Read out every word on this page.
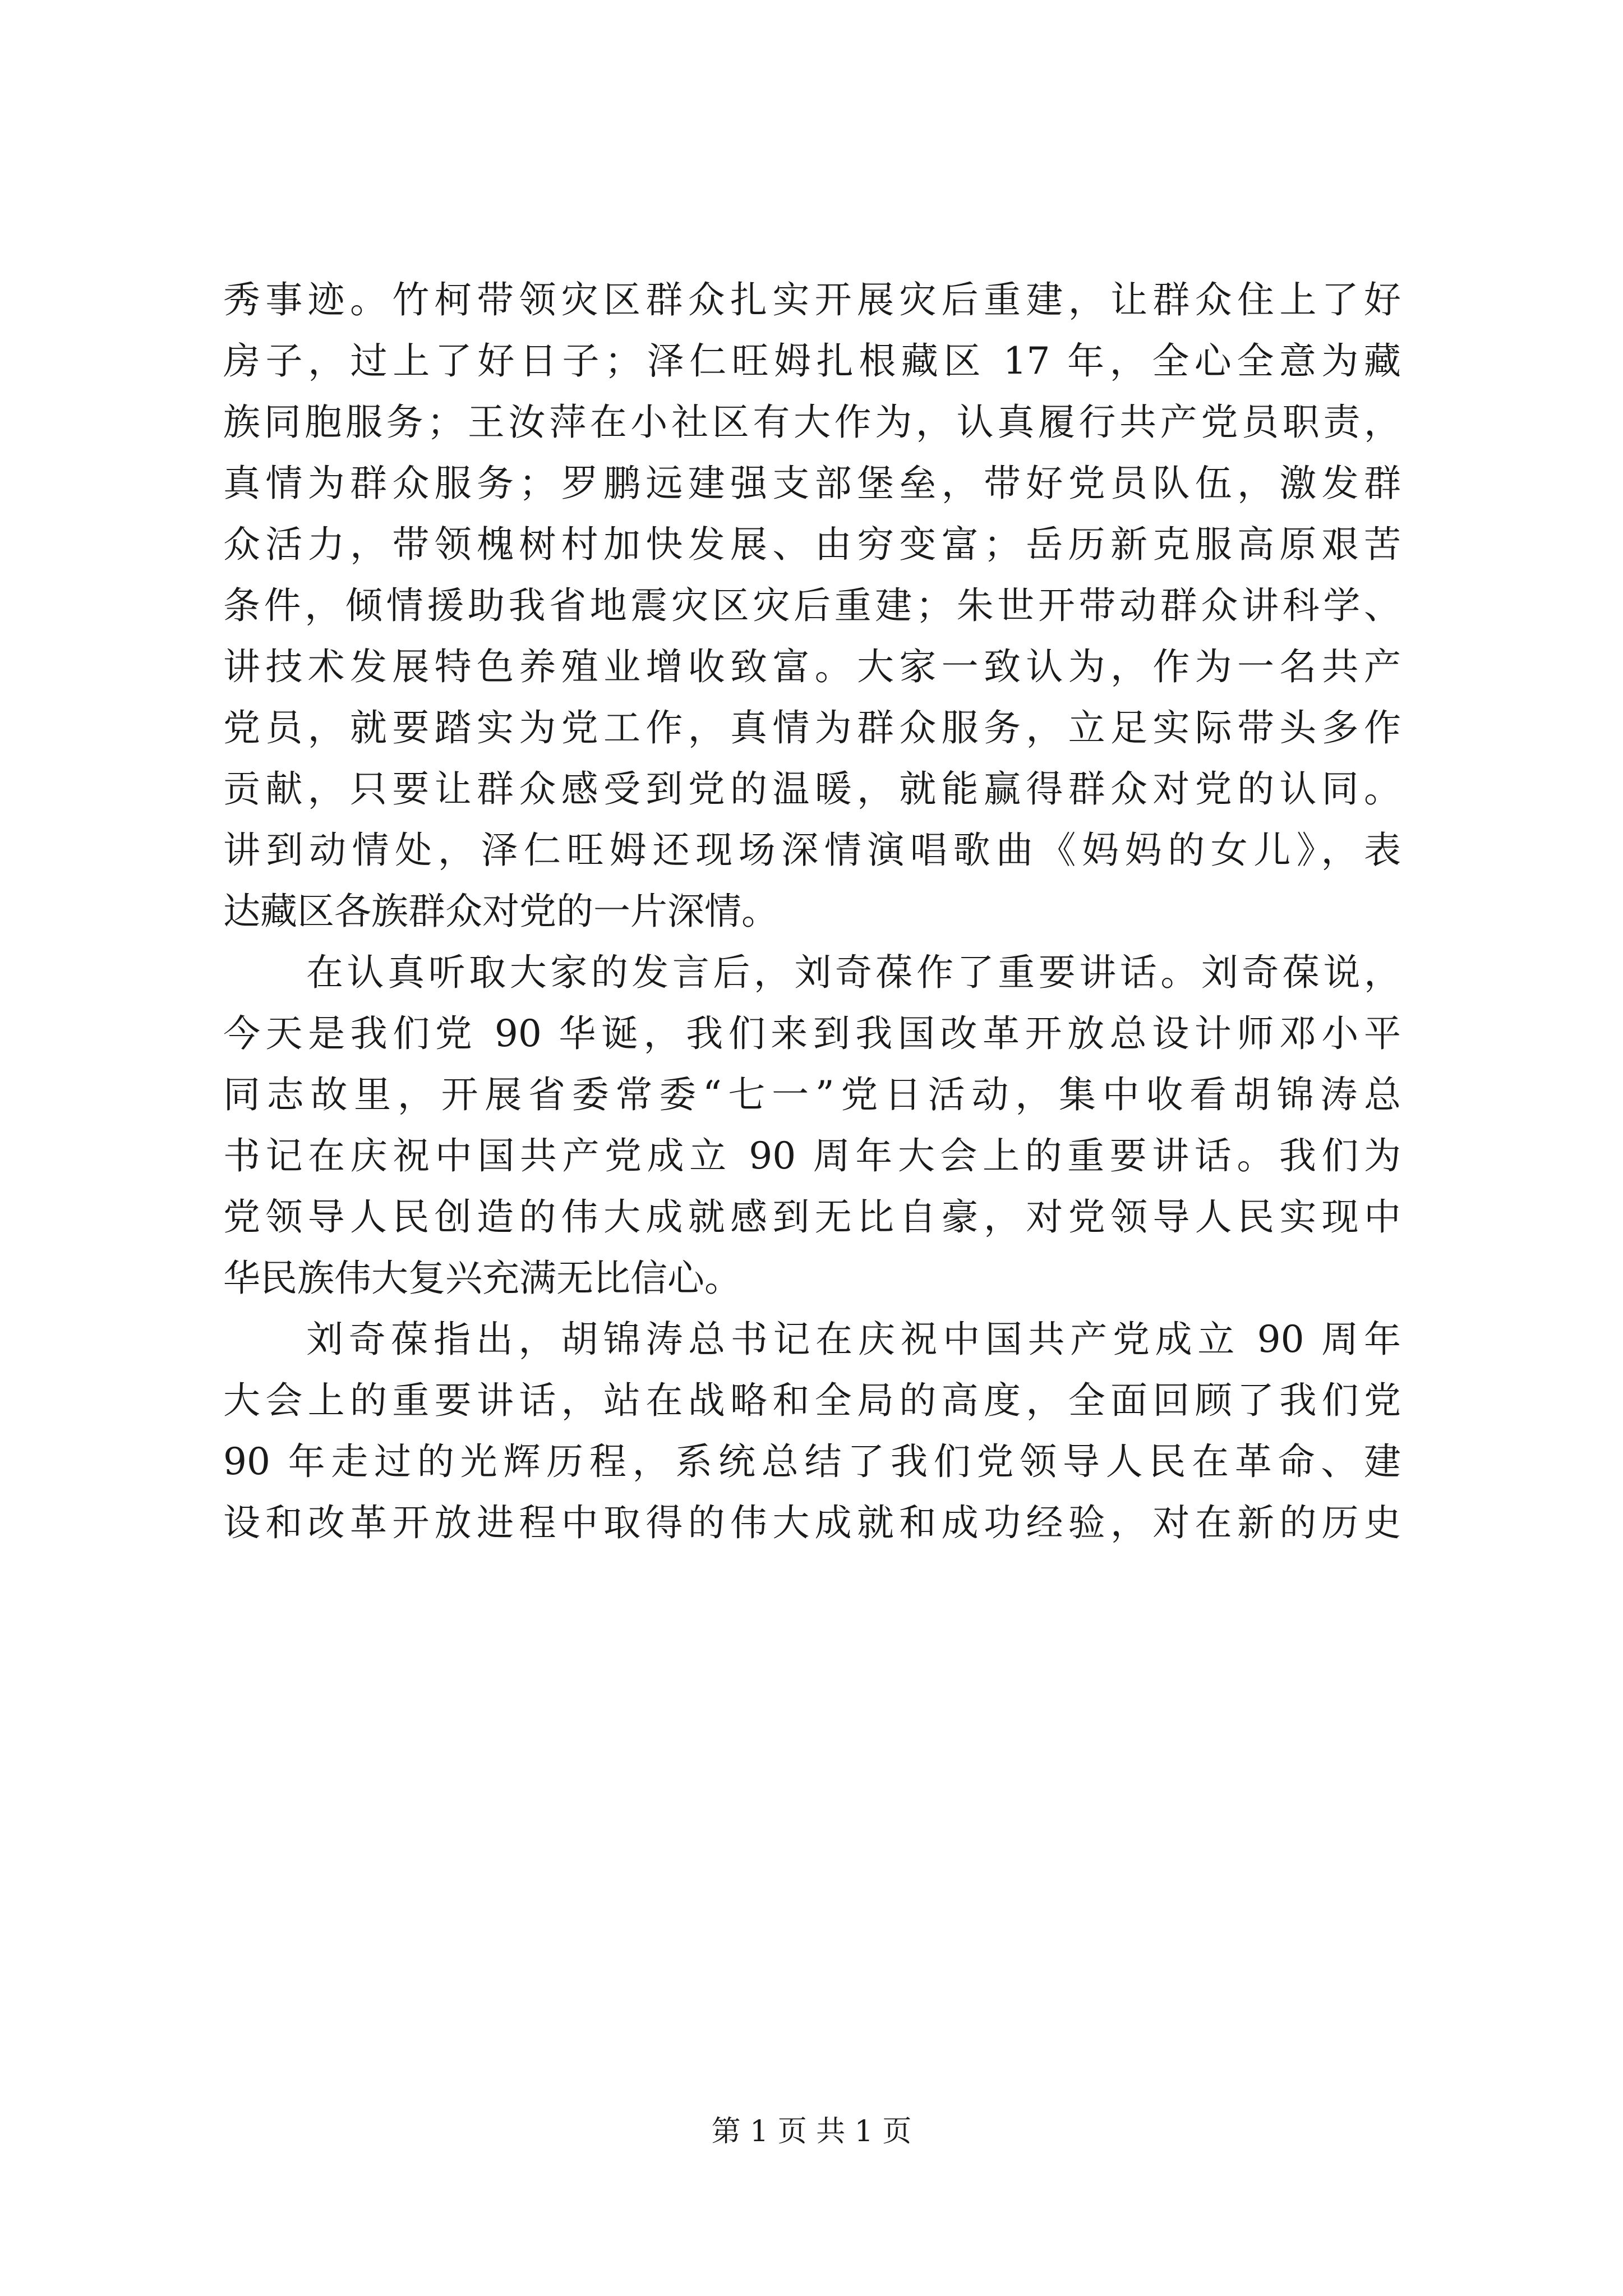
秀事迹。竹柯带领灾区群众扎实开展灾后重建，让群众住上了好
房子，过上了好日子；泽仁旺姆扎根藏区 17 年，全心全意为藏
族同胞服务；王汝萍在小社区有大作为，认真履行共产党员职责，
真情为群众服务；罗鹏远建强支部堡垒，带好党员队伍，激发群
众活力，带领槐树村加快发展、由穷变富；岳历新克服高原艰苦
条件，倾情援助我省地震灾区灾后重建；朱世开带动群众讲科学、
讲技术发展特色养殖业增收致富。大家一致认为，作为一名共产
党员，就要踏实为党工作，真情为群众服务，立足实际带头多作
贡献，只要让群众感受到党的温暖，就能赢得群众对党的认同。
讲到动情处，泽仁旺姆还现场深情演唱歌曲《妈妈的女儿》，表
达藏区各族群众对党的一片深情。
在认真听取大家的发言后，刘奇葆作了重要讲话。刘奇葆说，
今天是我们党 90 华诞，我们来到我国改革开放总设计师邓小平
同志故里，开展省委常委“七一”党日活动，集中收看胡锦涛总
书记在庆祝中国共产党成立 90 周年大会上的重要讲话。我们为
党领导人民创造的伟大成就感到无比自豪，对党领导人民实现中
华民族伟大复兴充满无比信心。
刘奇葆指出，胡锦涛总书记在庆祝中国共产党成立 90 周年
大会上的重要讲话，站在战略和全局的高度，全面回顾了我们党
90 年走过的光辉历程，系统总结了我们党领导人民在革命、建
设和改革开放进程中取得的伟大成就和成功经验，对在新的历史
第 1 页 共 1 页
